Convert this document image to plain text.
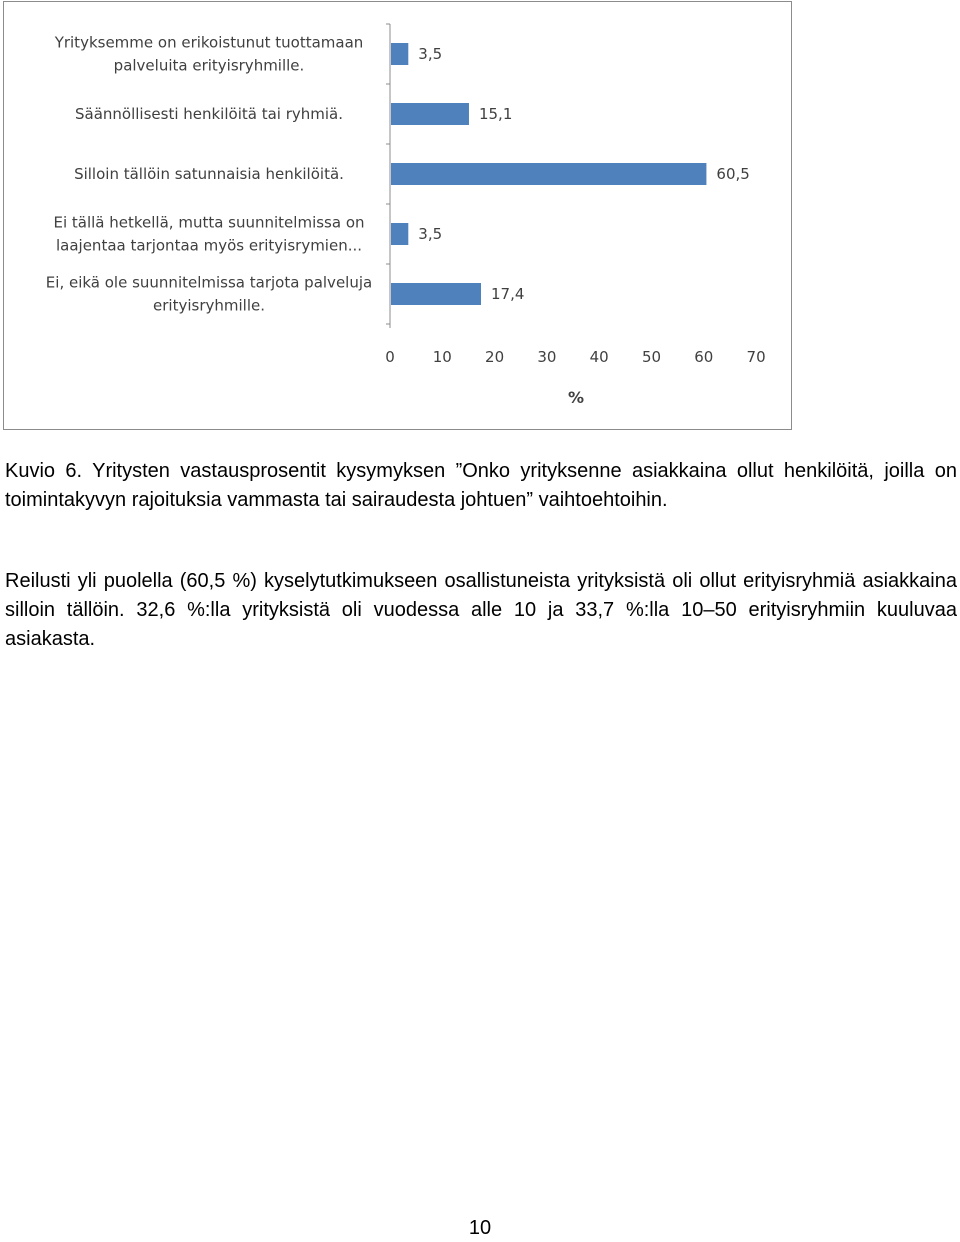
3,5
Yrityksemme on erikoistunut tuottamaan
palveluita erityisryhmille.
15,1
Säännöllisesti henkilöitä tai ryhmiä.
60,5
Silloin tällöin satunnaisia henkilöitä.
3,5
Ei tällä hetkellä, mutta suunnitelmissa on
laajentaa tarjontaa myös erityisrymien...
17,4
Ei, eikä ole suunnitelmissa tarjota palveluja
erityisryhmille.
0	10 20 30 40 50 60 70
%

Kuvio 6. Yritysten vastausprosentit kysymyksen ”Onko yrityksenne asiakkaina ollut henkilöitä, joilla on toimintakyvyn rajoituksia vammasta tai sairaudesta johtuen” vaihtoehtoihin.

Reilusti yli puolella (60,5 %) kyselytutkimukseen osallistuneista yrityksistä oli ollut erityisryhmiä asiakkaina silloin tällöin. 32,6 %:lla yrityksistä oli vuodessa alle 10 ja 33,7 %:lla 10–50 erityisryhmiin kuuluvaa asiakasta.

10
